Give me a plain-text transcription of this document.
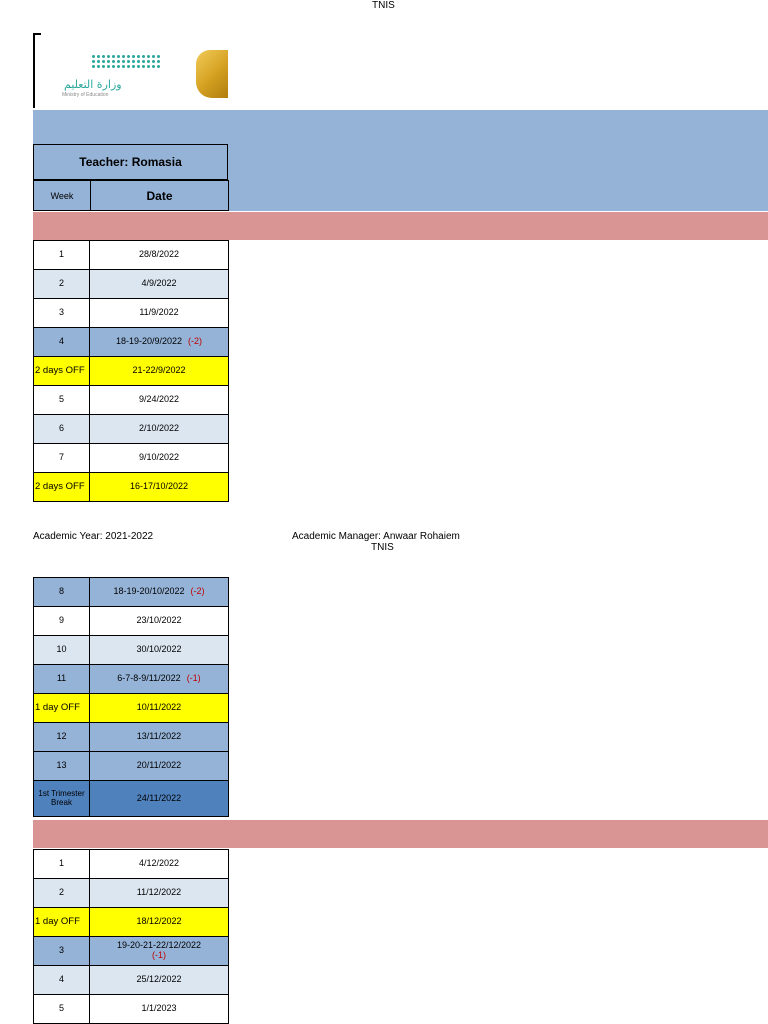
TNIS
وزارة التعليم
Ministry of Education
Teacher: Romasia
Week	Date
1	28/8/2022
2	4/9/2022
3	11/9/2022
4	18-19-20/9/2022 (-2)
2 days OFF	21-22/9/2022
5	9/24/2022
6	2/10/2022
7	9/10/2022
2 days OFF	16-17/10/2022
Academic Year: 2021-2022	Academic Manager: Anwaar Rohaiem
TNIS
8	18-19-20/10/2022 (-2)
9	23/10/2022
10	30/10/2022
11	6-7-8-9/11/2022 (-1)
1 day OFF	10/11/2022
12	13/11/2022
13	20/11/2022
1st Trimester Break	24/11/2022
1	4/12/2022
2	11/12/2022
1 day OFF	18/12/2022
3	19-20-21-22/12/2022
(-1)
4	25/12/2022
5	1/1/2023
